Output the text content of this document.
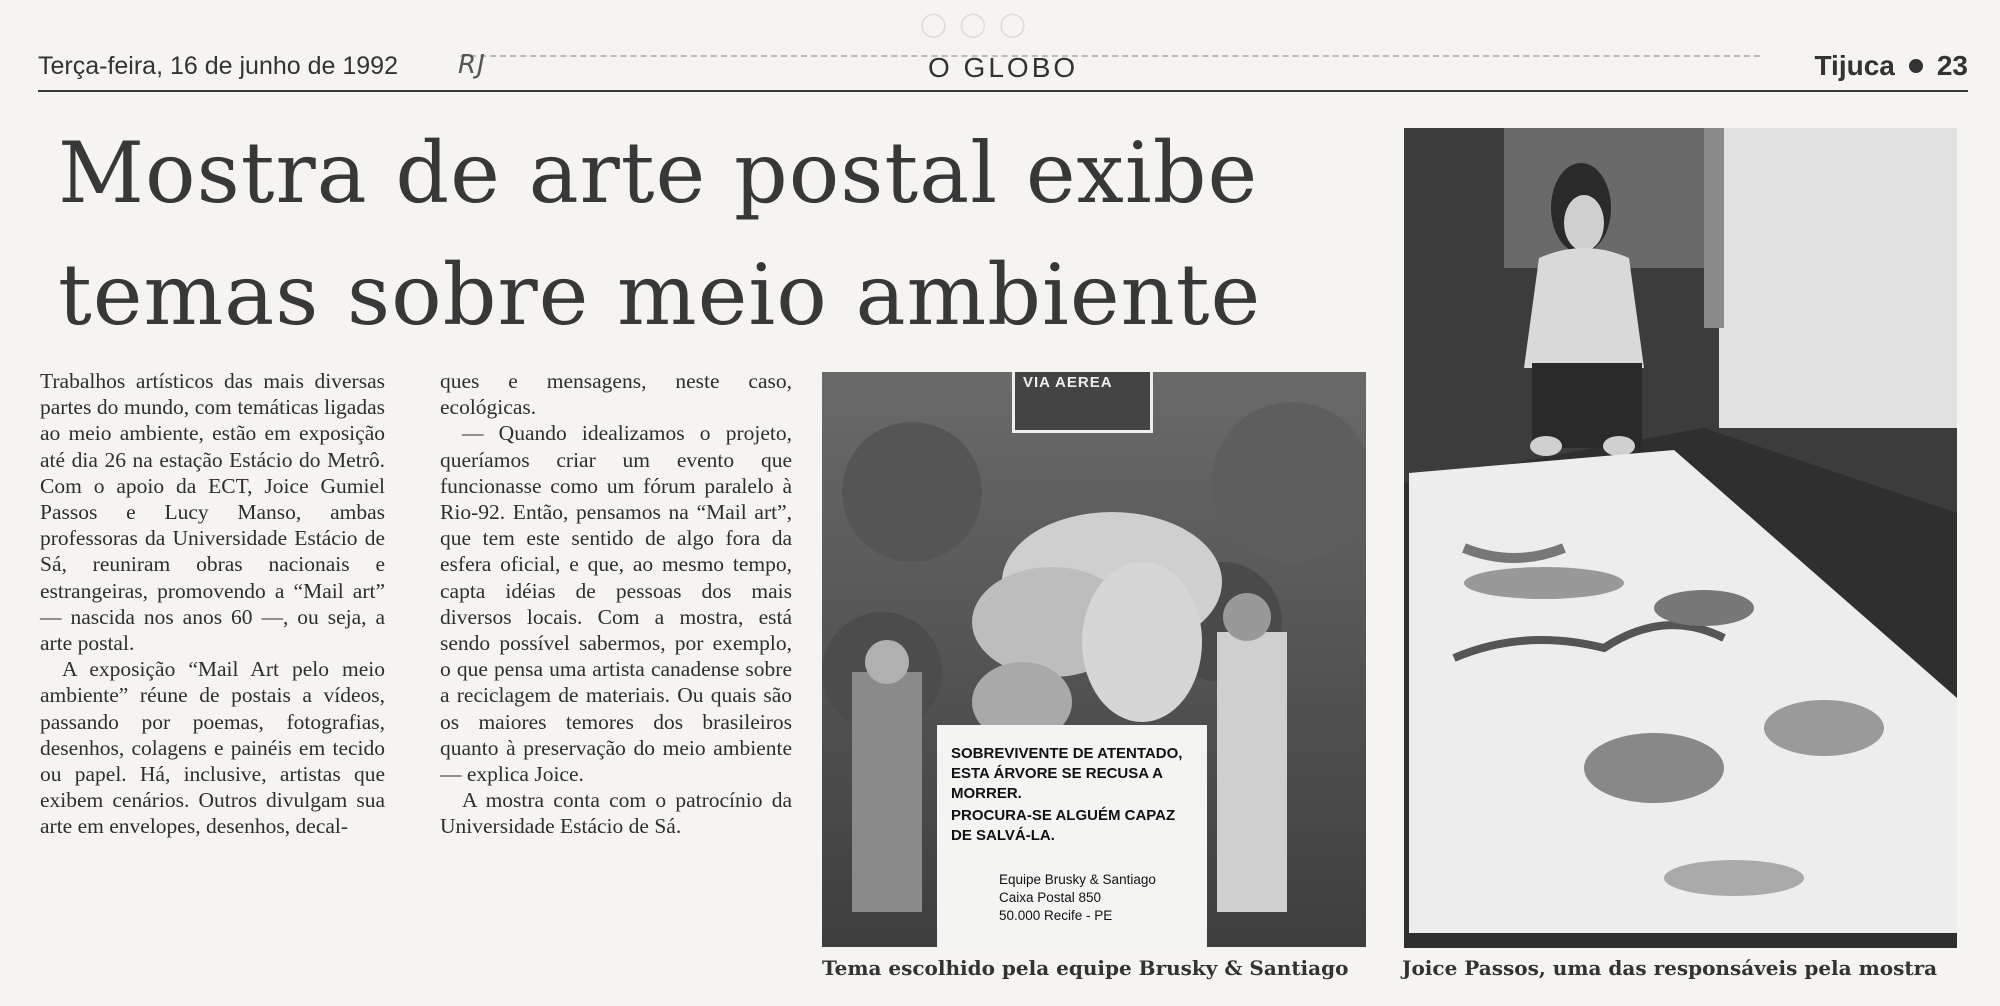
◯ ◯ ◯
Terça-feira, 16 de junho de 1992 RJ	O GLOBO	Tijuca 23
Mostra de arte postal exibe
temas sobre meio ambiente

Trabalhos artísticos das mais diversas partes do mundo, com temáticas ligadas ao meio ambiente, estão em exposição até dia 26 na estação Estácio do Metrô. Com o apoio da ECT, Joice Gumiel Passos e Lucy Manso, ambas professoras da Universidade Estácio de Sá, reuniram obras nacionais e estrangeiras, promovendo a “Mail art” — nascida nos anos 60 —, ou seja, a arte postal.

A exposição “Mail Art pelo meio ambiente” réune de postais a vídeos, passando por poemas, fotografias, desenhos, colagens e painéis em tecido ou papel. Há, inclusive, artistas que exibem cenários. Outros divulgam sua arte em envelopes, desenhos, decal-

ques e mensagens, neste caso, ecológicas.

— Quando idealizamos o projeto, queríamos criar um evento que funcionasse como um fórum paralelo à Rio-92. Então, pensamos na “Mail art”, que tem este sentido de algo fora da esfera oficial, e que, ao mesmo tempo, capta idéias de pessoas dos mais diversos locais. Com a mostra, está sendo possível sabermos, por exemplo, o que pensa uma artista canadense sobre a reciclagem de materiais. Ou quais são os maiores temores dos brasileiros quanto à preservação do meio ambiente — explica Joice.

A mostra conta com o patrocínio da Universidade Estácio de Sá.

VIA AEREA
SOBREVIVENTE DE ATENTADO,
ESTA ÁRVORE SE RECUSA A
MORRER.
PROCURA-SE ALGUÉM CAPAZ
DE SALVÁ-LA.
Equipe Brusky & Santiago
Caixa Postal 850
50.000 Recife - PE
Tema escolhido pela equipe Brusky & Santiago	Joice Passos, uma das responsáveis pela mostra
